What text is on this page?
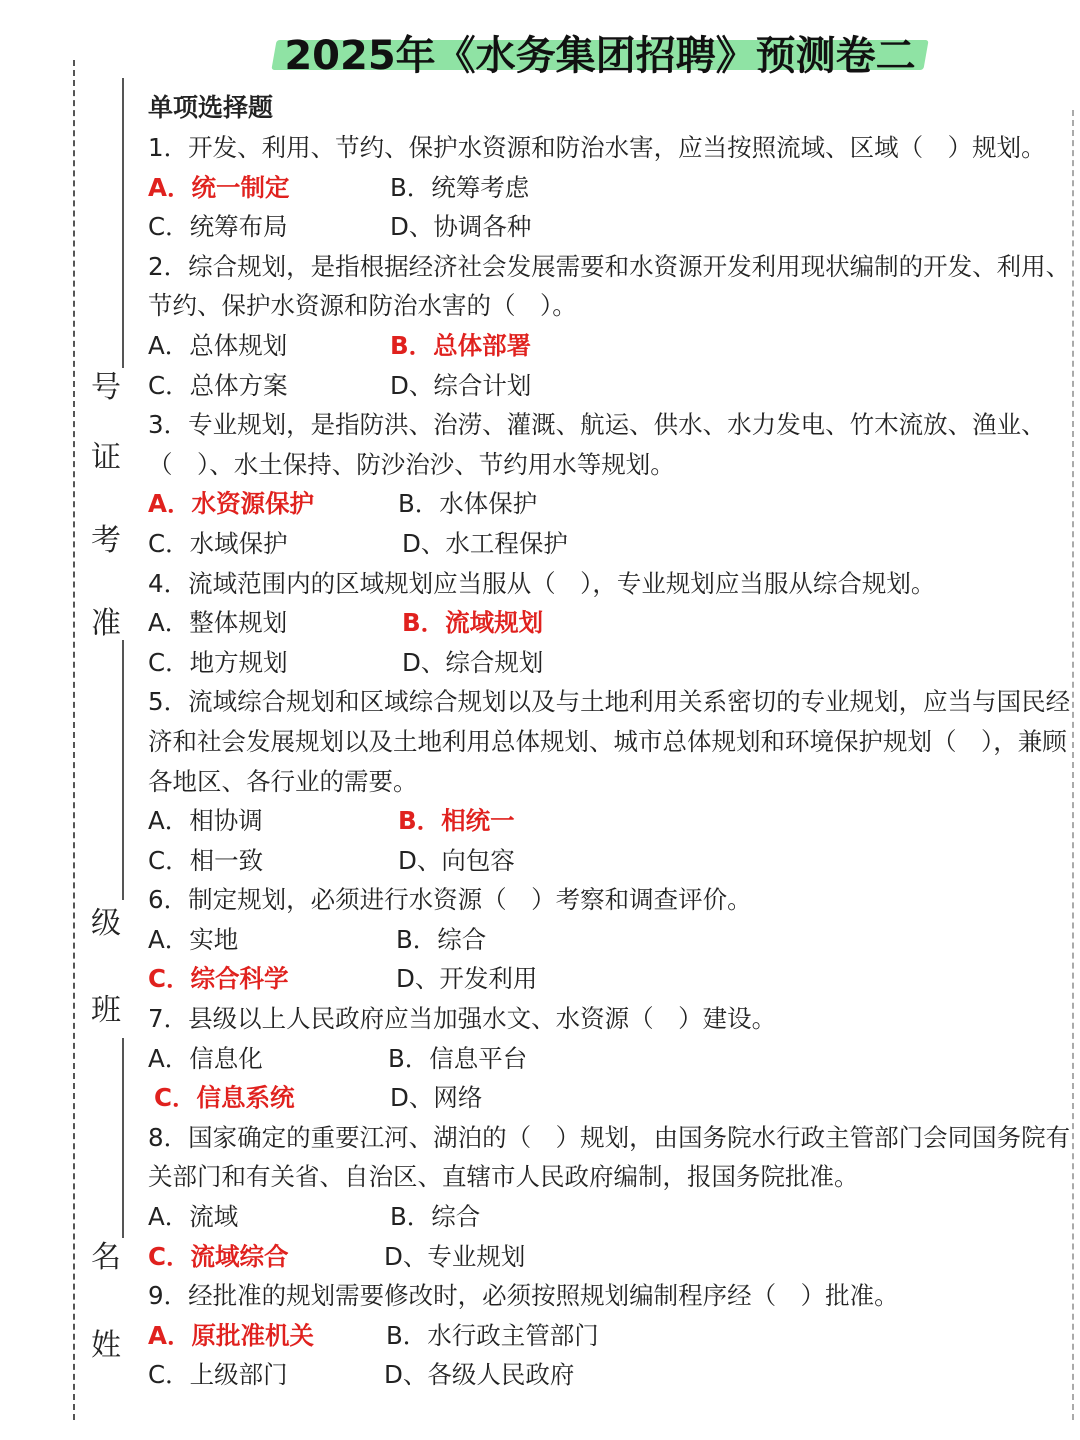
2025年《水务集团招聘》预测卷二
号
证
考
准
级
班
名
姓
单项选择题
1．开发、利用、节约、保护水资源和防治水害，应当按照流域、区域（　）规划。
A．统一制定	B．统筹考虑
C．统筹布局	D、协调各种
2．综合规划，是指根据经济社会发展需要和水资源开发利用现状编制的开发、利用、节约、保护水资源和防治水害的（　）。
A．总体规划	B．总体部署
C．总体方案	D、综合计划
3．专业规划，是指防洪、治涝、灌溉、航运、供水、水力发电、竹木流放、渔业、（　）、水土保持、防沙治沙、节约用水等规划。
A．水资源保护	B．水体保护
C．水域保护	D、水工程保护
4．流域范围内的区域规划应当服从（　），专业规划应当服从综合规划。
A．整体规划	B．流域规划
C．地方规划	D、综合规划
5．流域综合规划和区域综合规划以及与土地利用关系密切的专业规划，应当与国民经济和社会发展规划以及土地利用总体规划、城市总体规划和环境保护规划（　），兼顾各地区、各行业的需要。
A．相协调	B．相统一
C．相一致	D、向包容
6．制定规划，必须进行水资源（　）考察和调查评价。
A．实地	B．综合
C．综合科学	D、开发利用
7．县级以上人民政府应当加强水文、水资源（　）建设。
A．信息化	B．信息平台
C．信息系统	D、网络
8．国家确定的重要江河、湖泊的（　）规划，由国务院水行政主管部门会同国务院有关部门和有关省、自治区、直辖市人民政府编制，报国务院批准。
A．流域	B．综合
C．流域综合	D、专业规划
9．经批准的规划需要修改时，必须按照规划编制程序经（　）批准。
A．原批准机关	B．水行政主管部门
C．上级部门	D、各级人民政府
